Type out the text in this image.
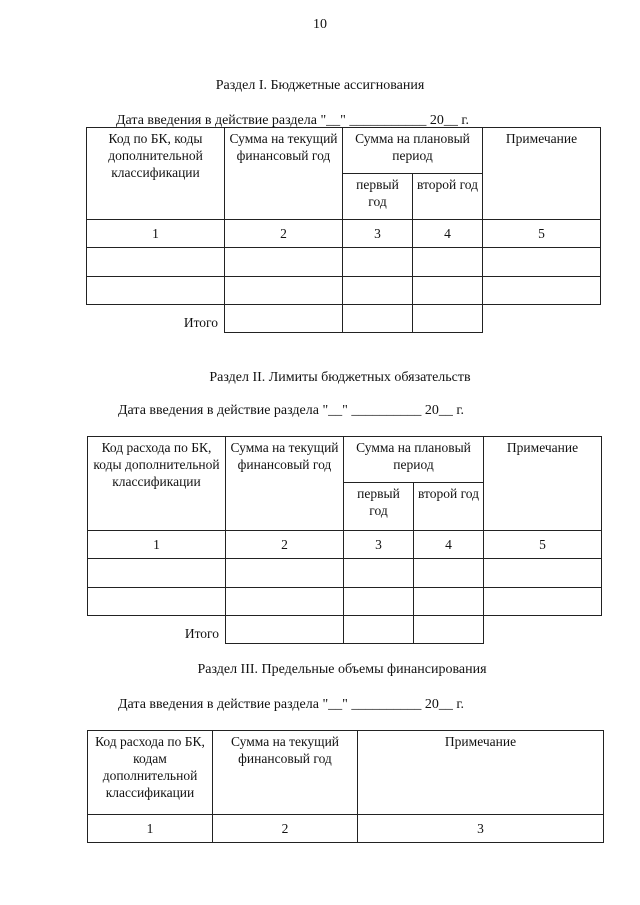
10
Раздел I. Бюджетные ассигнования
Дата введения в действие раздела "__" ___________ 20__ г.
Код по БК, коды дополнительной классификации	Сумма на текущий финансовый год	Сумма на плановый период		Примечание
		первый год	второй год	
1	2	3	4	5

Итого				
Раздел II. Лимиты бюджетных обязательств
Дата введения в действие раздела "__" __________ 20__ г.
Код расхода по БК, коды дополнительной классификации	Сумма на текущий финансовый год	Сумма на плановый период		Примечание
		первый год	второй год	
1	2	3	4	5

Итого				
Раздел III. Предельные объемы финансирования
Дата введения в действие раздела "__" __________ 20__ г.
Код расхода по БК, кодам дополнительной классификации	Сумма на текущий финансовый год	Примечание
1	2	3
